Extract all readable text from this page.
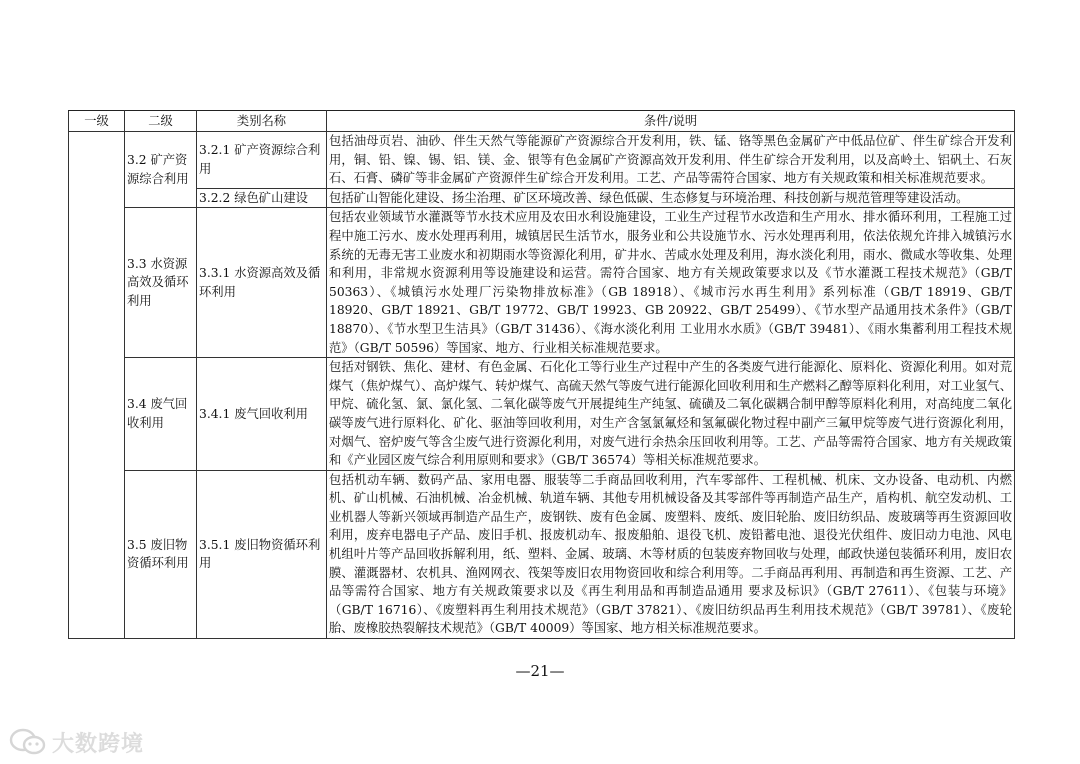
一级	二级	类别名称	条件/说明
	3.2 矿产资源综合利用	3.2.1 矿产资源综合利用	包括油母页岩、油砂、伴生天然气等能源矿产资源综合开发利用，铁、锰、铬等黑色金属矿产中低品位矿、伴生矿综合开发利用，铜、铅、镍、锡、铝、镁、金、银等有色金属矿产资源高效开发利用、伴生矿综合开发利用，以及高岭土、铝矾土、石灰石、石膏、磷矿等非金属矿产资源伴生矿综合开发利用。工艺、产品等需符合国家、地方有关规政策和相关标准规范要求。
		3.2.2 绿色矿山建设	包括矿山智能化建设、扬尘治理、矿区环境改善、绿色低碳、生态修复与环境治理、科技创新与规范管理等建设活动。
	3.3 水资源高效及循环利用	3.3.1 水资源高效及循环利用	包括农业领域节水灌溉等节水技术应用及农田水利设施建设，工业生产过程节水改造和生产用水、排水循环利用，工程施工过程中施工污水、废水处理再利用，城镇居民生活节水，服务业和公共设施节水、污水处理再利用，依法依规允许排入城镇污水系统的无毒无害工业废水和初期雨水等资源化利用，矿井水、苦咸水处理及利用，海水淡化利用，雨水、微咸水等收集、处理和利用，非常规水资源利用等设施建设和运营。需符合国家、地方有关规政策要求以及《节水灌溉工程技术规范》（GB/T 50363）、《城镇污水处理厂污染物排放标准》（GB 18918）、《城市污水再生利用》系列标准（GB/T 18919、GB/T 18920、GB/T 18921、GB/T 19772、GB/T 19923、GB 20922、GB/T 25499）、《节水型产品通用技术条件》（GB/T 18870）、《节水型卫生洁具》（GB/T 31436）、《海水淡化利用 工业用水水质》（GB/T 39481）、《雨水集蓄利用工程技术规范》（GB/T 50596）等国家、地方、行业相关标准规范要求。
	3.4 废气回收利用	3.4.1 废气回收利用	包括对钢铁、焦化、建材、有色金属、石化化工等行业生产过程中产生的各类废气进行能源化、原料化、资源化利用。如对荒煤气（焦炉煤气）、高炉煤气、转炉煤气、高硫天然气等废气进行能源化回收利用和生产燃料乙醇等原料化利用，对工业氢气、甲烷、硫化氢、氯、氯化氢、二氧化碳等废气开展提纯生产纯氢、硫磺及二氧化碳耦合制甲醇等原料化利用，对高纯度二氧化碳等废气进行原料化、矿化、驱油等回收利用，对生产含氢氯氟烃和氢氟碳化物过程中副产三氟甲烷等废气进行资源化利用，对烟气、窑炉废气等含尘废气进行资源化利用，对废气进行余热余压回收利用等。工艺、产品等需符合国家、地方有关规政策和《产业园区废气综合利用原则和要求》（GB/T 36574）等相关标准规范要求。
	3.5 废旧物资循环利用	3.5.1 废旧物资循环利用	包括机动车辆、数码产品、家用电器、服装等二手商品回收利用，汽车零部件、工程机械、机床、文办设备、电动机、内燃机、矿山机械、石油机械、冶金机械、轨道车辆、其他专用机械设备及其零部件等再制造产品生产，盾构机、航空发动机、工业机器人等新兴领域再制造产品生产，废钢铁、废有色金属、废塑料、废纸、废旧轮胎、废旧纺织品、废玻璃等再生资源回收利用，废弃电器电子产品、废旧手机、报废机动车、报废船舶、退役飞机、废铅蓄电池、退役光伏组件、废旧动力电池、风电机组叶片等产品回收拆解利用，纸、塑料、金属、玻璃、木等材质的包装废弃物回收与处理，邮政快递包装循环利用，废旧农膜、灌溉器材、农机具、渔网网衣、筏架等废旧农用物资回收和综合利用等。二手商品再利用、再制造和再生资源、工艺、产品等需符合国家、地方有关规政策要求以及《再生利用品和再制造品通用 要求及标识》（GB/T 27611）、《包装与环境》（GB/T 16716）、《废塑料再生利用技术规范》（GB/T 37821）、《废旧纺织品再生利用技术规范》（GB/T 39781）、《废轮胎、废橡胶热裂解技术规范》（GB/T 40009）等国家、地方相关标准规范要求。
—21—
大数跨境
